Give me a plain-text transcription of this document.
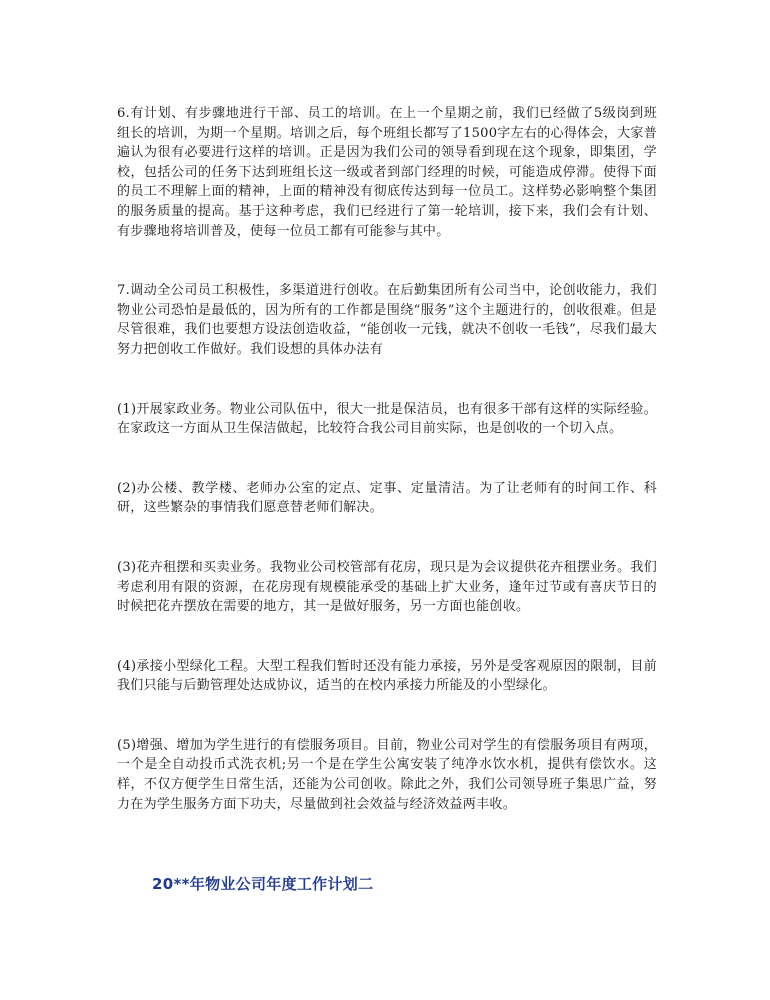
6.有计划、有步骤地进行干部、员工的培训。在上一个星期之前，我们已经做了5级岗到班组长的培训，为期一个星期。培训之后，每个班组长都写了1500字左右的心得体会，大家普遍认为很有必要进行这样的培训。正是因为我们公司的领导看到现在这个现象，即集团，学校，包括公司的任务下达到班组长这一级或者到部门经理的时候，可能造成停滞。使得下面的员工不理解上面的精神，上面的精神没有彻底传达到每一位员工。这样势必影响整个集团的服务质量的提高。基于这种考虑，我们已经进行了第一轮培训，接下来，我们会有计划、有步骤地将培训普及，使每一位员工都有可能参与其中。

7.调动全公司员工积极性，多渠道进行创收。在后勤集团所有公司当中，论创收能力，我们物业公司恐怕是最低的，因为所有的工作都是围绕“服务”这个主题进行的，创收很难。但是尽管很难，我们也要想方设法创造收益，“能创收一元钱，就决不创收一毛钱”，尽我们最大努力把创收工作做好。我们设想的具体办法有

(1)开展家政业务。物业公司队伍中，很大一批是保洁员，也有很多干部有这样的实际经验。在家政这一方面从卫生保洁做起，比较符合我公司目前实际，也是创收的一个切入点。

(2)办公楼、教学楼、老师办公室的定点、定事、定量清洁。为了让老师有的时间工作、科研，这些繁杂的事情我们愿意替老师们解决。

(3)花卉租摆和买卖业务。我物业公司校管部有花房，现只是为会议提供花卉租摆业务。我们考虑利用有限的资源，在花房现有规模能承受的基础上扩大业务，逢年过节或有喜庆节日的时候把花卉摆放在需要的地方，其一是做好服务，另一方面也能创收。

(4)承接小型绿化工程。大型工程我们暂时还没有能力承接，另外是受客观原因的限制，目前我们只能与后勤管理处达成协议，适当的在校内承接力所能及的小型绿化。

(5)增强、增加为学生进行的有偿服务项目。目前，物业公司对学生的有偿服务项目有两项，一个是全自动投币式洗衣机;另一个是在学生公寓安装了纯净水饮水机，提供有偿饮水。这样，不仅方便学生日常生活，还能为公司创收。除此之外，我们公司领导班子集思广益，努力在为学生服务方面下功夫，尽量做到社会效益与经济效益两丰收。

20**年物业公司年度工作计划二
